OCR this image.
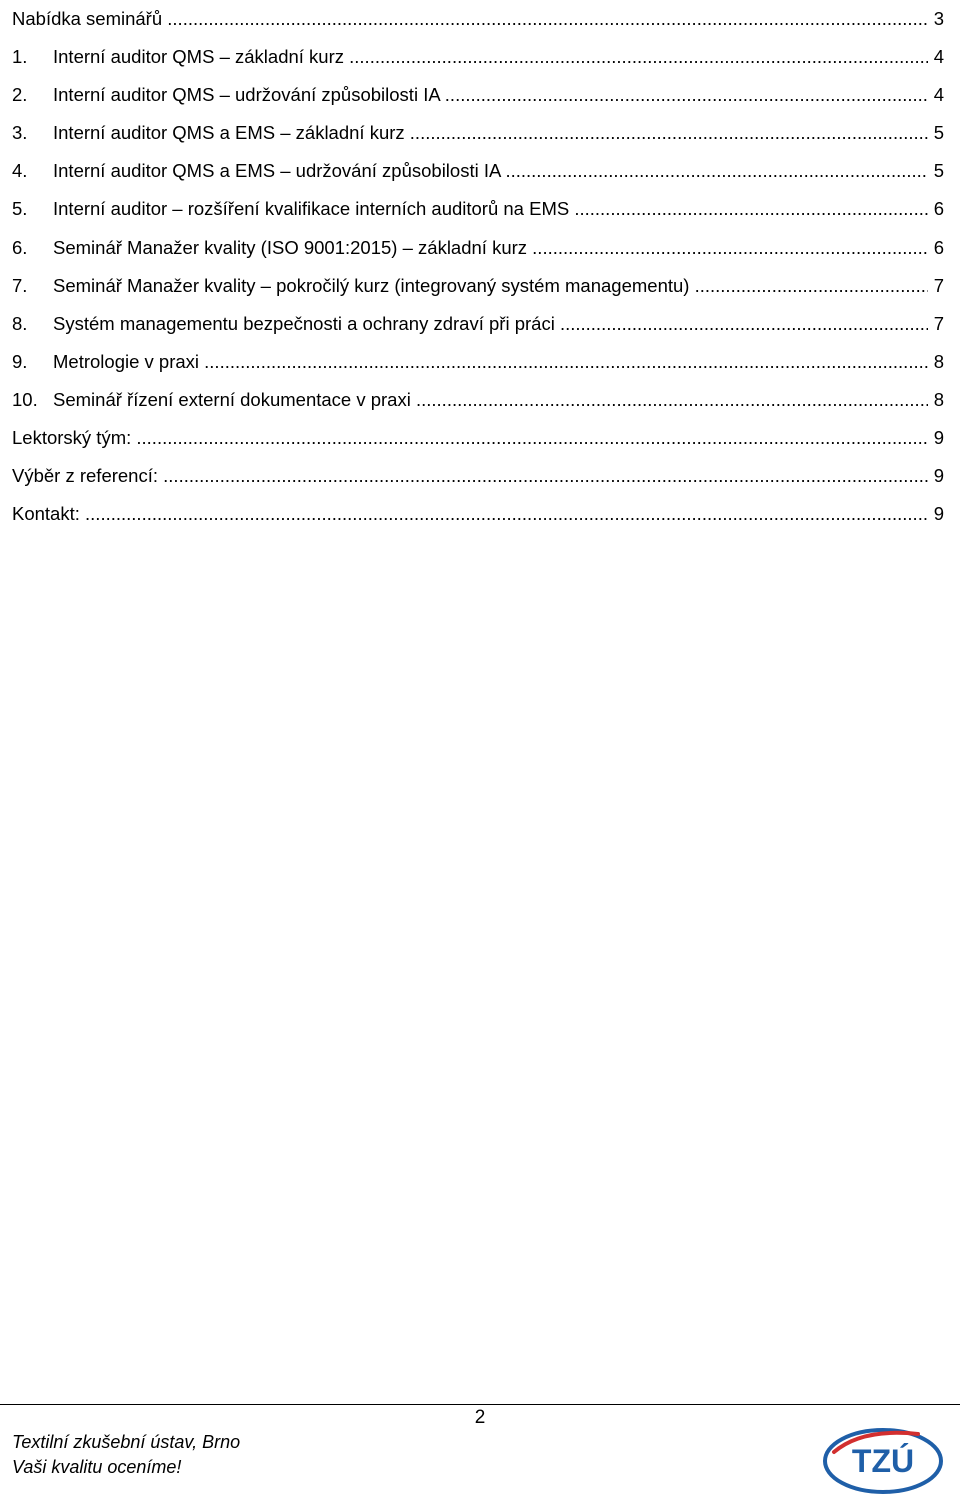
Nabídka seminářů .....	3
1. Interní auditor QMS – základní kurz .....	4
2. Interní auditor QMS – udržování způsobilosti IA .....	4
3. Interní auditor QMS a EMS – základní kurz .....	5
4. Interní auditor QMS a EMS – udržování způsobilosti IA .....	5
5. Interní auditor – rozšíření kvalifikace interních auditorů na EMS .....	6
6. Seminář Manažer kvality (ISO 9001:2015) – základní kurz .....	6
7. Seminář Manažer kvality – pokročilý kurz (integrovaný systém managementu) .....	7
8. Systém managementu bezpečnosti a ochrany zdraví při práci .....	7
9. Metrologie v praxi .....	8
10. Seminář řízení externí dokumentace v praxi .....	8
Lektorský tým: .....	9
Výběr z referencí: .....	9
Kontakt: .....	9
2
Textilní zkušební ústav, Brno
Vaši kvalitu oceníme!	TZÚ
